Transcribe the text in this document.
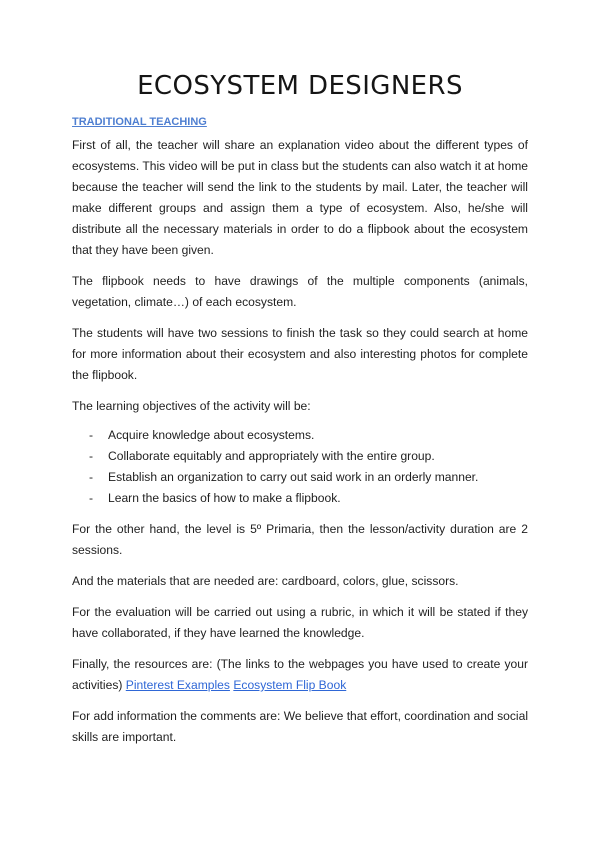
ECOSYSTEM DESIGNERS
TRADITIONAL TEACHING

First of all, the teacher will share an explanation video about the different types of ecosystems. This video will be put in class but the students can also watch it at home because the teacher will send the link to the students by mail. Later, the teacher will make different groups and assign them a type of ecosystem. Also, he/she will distribute all the necessary materials in order to do a flipbook about the ecosystem that they have been given.

The flipbook needs to have drawings of the multiple components (animals, vegetation, climate…) of each ecosystem.

The students will have two sessions to finish the task so they could search at home for more information about their ecosystem and also interesting photos for complete the flipbook.

The learning objectives of the activity will be:

- Acquire knowledge about ecosystems.
- Collaborate equitably and appropriately with the entire group.
- Establish an organization to carry out said work in an orderly manner.
- Learn the basics of how to make a flipbook.

For the other hand, the level is 5º Primaria, then the lesson/activity duration are 2 sessions.

And the materials that are needed are: cardboard, colors, glue, scissors.

For the evaluation will be carried out using a rubric, in which it will be stated if they have collaborated, if they have learned the knowledge.

Finally, the resources are: (The links to the webpages you have used to create your activities) Pinterest Examples Ecosystem Flip Book

For add information the comments are: We believe that effort, coordination and social skills are important.
